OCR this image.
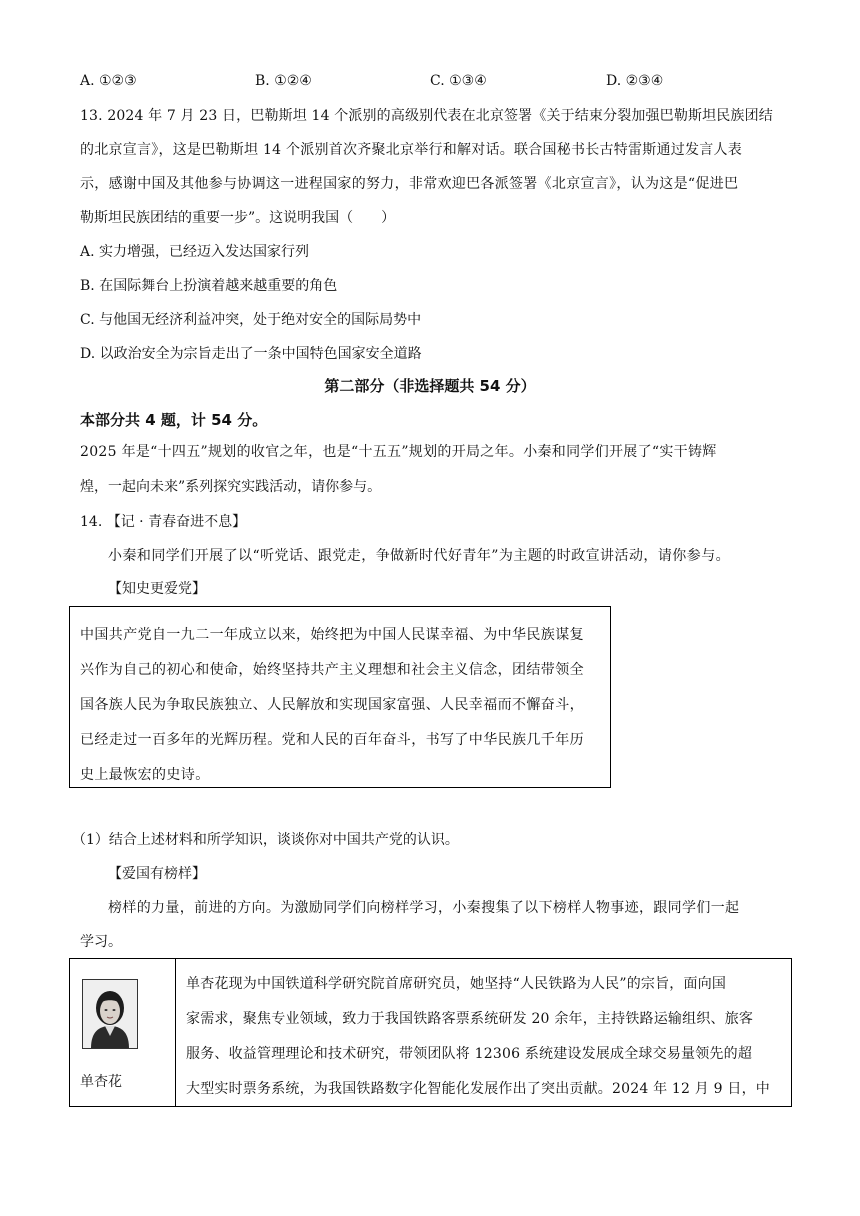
A. ①②③	B. ①②④	C. ①③④	D. ②③④
13. 2024 年 7 月 23 日，巴勒斯坦 14 个派别的高级别代表在北京签署《关于结束分裂加强巴勒斯坦民族团结
的北京宣言》，这是巴勒斯坦 14 个派别首次齐聚北京举行和解对话。联合国秘书长古特雷斯通过发言人表
示，感谢中国及其他参与协调这一进程国家的努力，非常欢迎巴各派签署《北京宣言》，认为这是“促进巴
勒斯坦民族团结的重要一步”。这说明我国（　　）
A. 实力增强，已经迈入发达国家行列
B. 在国际舞台上扮演着越来越重要的角色
C. 与他国无经济利益冲突，处于绝对安全的国际局势中
D. 以政治安全为宗旨走出了一条中国特色国家安全道路
第二部分（非选择题共 54 分）
本部分共 4 题，计 54 分。
2025 年是“十四五”规划的收官之年，也是“十五五”规划的开局之年。小秦和同学们开展了“实干铸辉
煌，一起向未来”系列探究实践活动，请你参与。
14. 【记 · 青春奋进不息】
小秦和同学们开展了以“听党话、跟党走，争做新时代好青年”为主题的时政宣讲活动，请你参与。
【知史更爱党】
中国共产党自一九二一年成立以来，始终把为中国人民谋幸福、为中华民族谋复
兴作为自己的初心和使命，始终坚持共产主义理想和社会主义信念，团结带领全
国各族人民为争取民族独立、人民解放和实现国家富强、人民幸福而不懈奋斗，
已经走过一百多年的光辉历程。党和人民的百年奋斗，书写了中华民族几千年历
史上最恢宏的史诗。
（1）结合上述材料和所学知识，谈谈你对中国共产党的认识。
【爱国有榜样】
榜样的力量，前进的方向。为激励同学们向榜样学习，小秦搜集了以下榜样人物事迹，跟同学们一起
学习。
单杏花
单杏花现为中国铁道科学研究院首席研究员，她坚持“人民铁路为人民”的宗旨，面向国
家需求，聚焦专业领域，致力于我国铁路客票系统研发 20 余年，主持铁路运输组织、旅客
服务、收益管理理论和技术研究，带领团队将 12306 系统建设发展成全球交易量领先的超
大型实时票务系统，为我国铁路数字化智能化发展作出了突出贡献。2024 年 12 月 9 日，中
